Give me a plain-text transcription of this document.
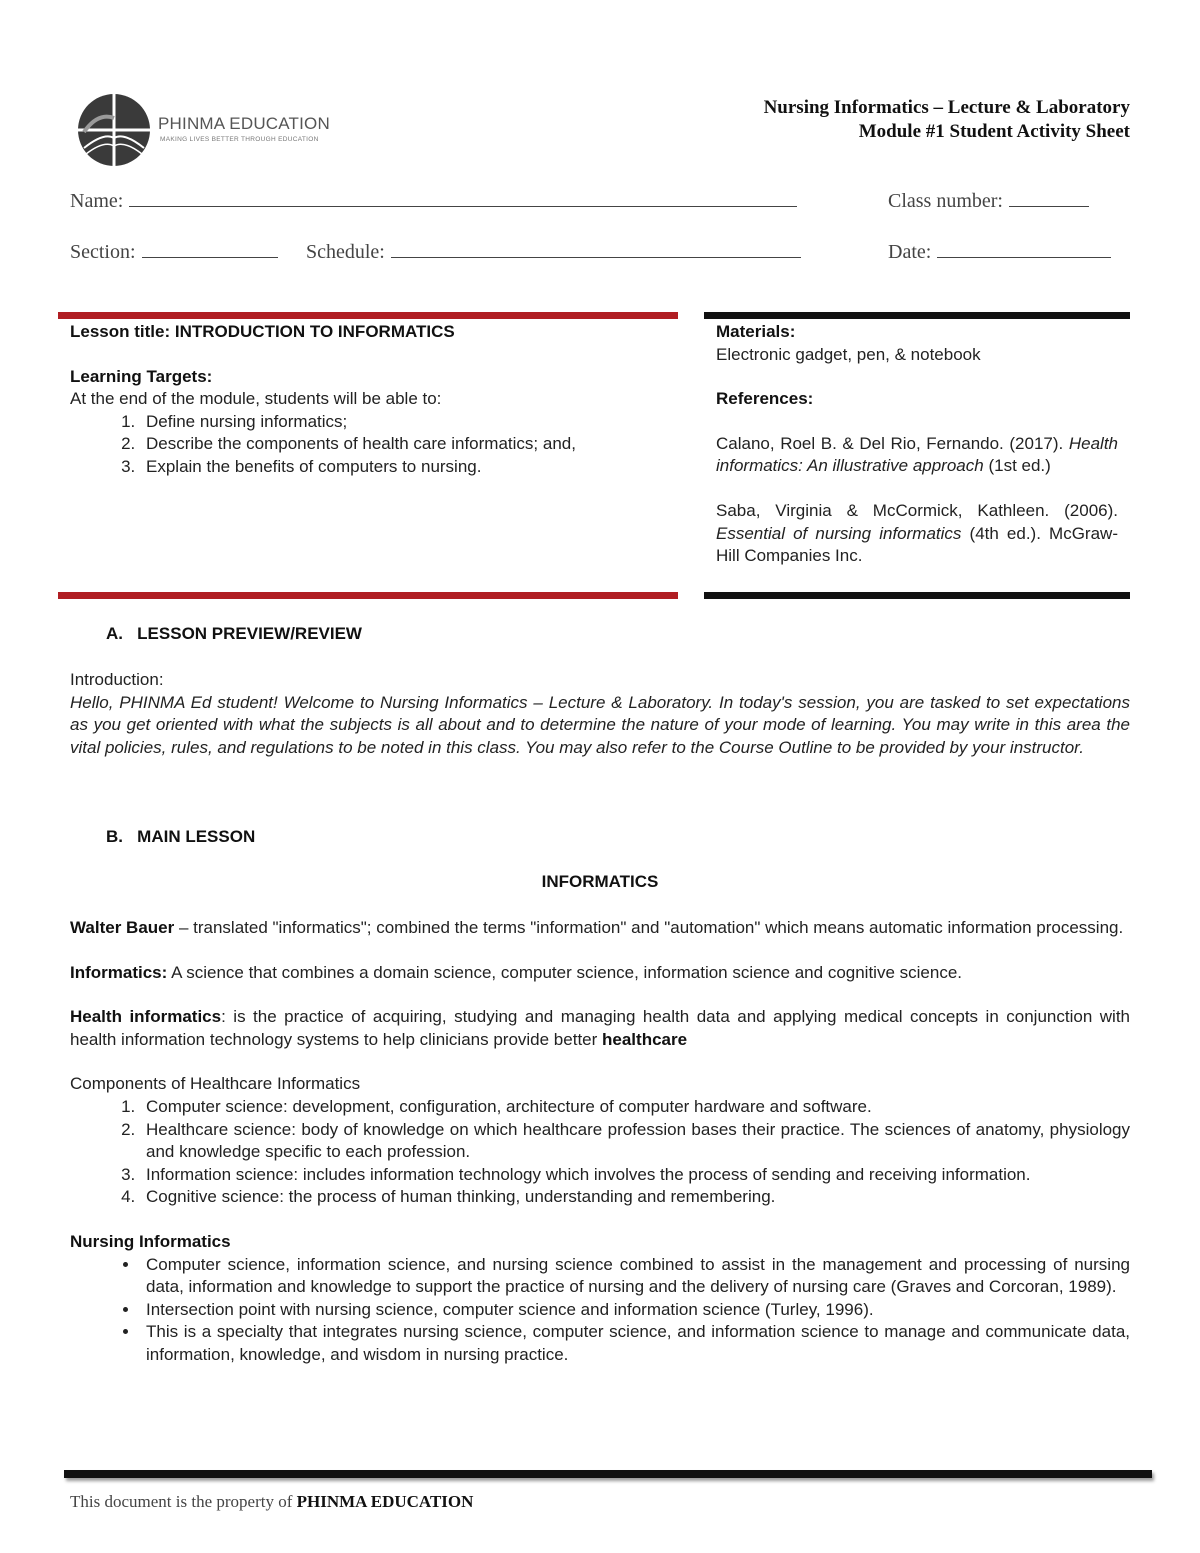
PHINMA EDUCATION
MAKING LIVES BETTER THROUGH EDUCATION
Nursing Informatics – Lecture & Laboratory
Module #1 Student Activity Sheet
Name:	Class number:
Section:	Schedule:	Date:
Lesson title: INTRODUCTION TO INFORMATICS
Learning Targets:
At the end of the module, students will be able to:
1. Define nursing informatics;
2. Describe the components of health care informatics; and,
3. Explain the benefits of computers to nursing.
Materials:
Electronic gadget, pen, & notebook
References:
Calano, Roel B. & Del Rio, Fernando. (2017). Health informatics: An illustrative approach (1st ed.)
Saba, Virginia & McCormick, Kathleen. (2006). Essential of nursing informatics (4th ed.). McGraw-Hill Companies Inc.
A.   LESSON PREVIEW/REVIEW
Introduction:
Hello, PHINMA Ed student! Welcome to Nursing Informatics – Lecture & Laboratory. In today's session, you are tasked to set expectations as you get oriented with what the subjects is all about and to determine the nature of your mode of learning. You may write in this area the vital policies, rules, and regulations to be noted in this class. You may also refer to the Course Outline to be provided by your instructor.
B.   MAIN LESSON
INFORMATICS
Walter Bauer – translated "informatics"; combined the terms "information" and "automation" which means automatic information processing.
Informatics: A science that combines a domain science, computer science, information science and cognitive science.
Health informatics: is the practice of acquiring, studying and managing health data and applying medical concepts in conjunction with health information technology systems to help clinicians provide better healthcare
Components of Healthcare Informatics
1. Computer science: development, configuration, architecture of computer hardware and software.
2. Healthcare science: body of knowledge on which healthcare profession bases their practice. The sciences of anatomy, physiology and knowledge specific to each profession.
3. Information science: includes information technology which involves the process of sending and receiving information.
4. Cognitive science: the process of human thinking, understanding and remembering.
Nursing Informatics
• Computer science, information science, and nursing science combined to assist in the management and processing of nursing data, information and knowledge to support the practice of nursing and the delivery of nursing care (Graves and Corcoran, 1989).
• Intersection point with nursing science, computer science and information science (Turley, 1996).
• This is a specialty that integrates nursing science, computer science, and information science to manage and communicate data, information, knowledge, and wisdom in nursing practice.
This document is the property of PHINMA EDUCATION
